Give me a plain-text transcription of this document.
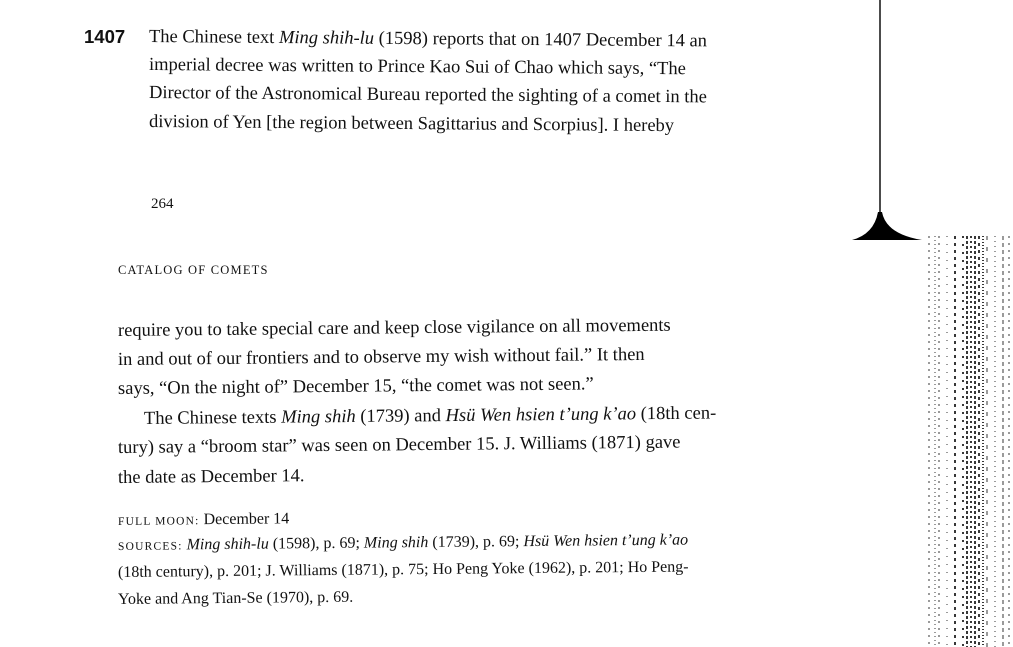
1407 The Chinese text Ming shih-lu (1598) reports that on 1407 December 14 an
imperial decree was written to Prince Kao Sui of Chao which says, “The
Director of the Astronomical Bureau reported the sighting of a comet in the
division of Yen [the region between Sagittarius and Scorpius]. I hereby
264
CATALOG OF COMETS
require you to take special care and keep close vigilance on all movements
in and out of our frontiers and to observe my wish without fail.” It then
says, “On the night of” December 15, “the comet was not seen.”
The Chinese texts Ming shih (1739) and Hsü Wen hsien t’ung k’ao (18th cen-
tury) say a “broom star” was seen on December 15. J. Williams (1871) gave
the date as December 14.
FULL MOON: December 14
SOURCES: Ming shih-lu (1598), p. 69; Ming shih (1739), p. 69; Hsü Wen hsien t’ung k’ao
(18th century), p. 201; J. Williams (1871), p. 75; Ho Peng Yoke (1962), p. 201; Ho Peng-
Yoke and Ang Tian-Se (1970), p. 69.
